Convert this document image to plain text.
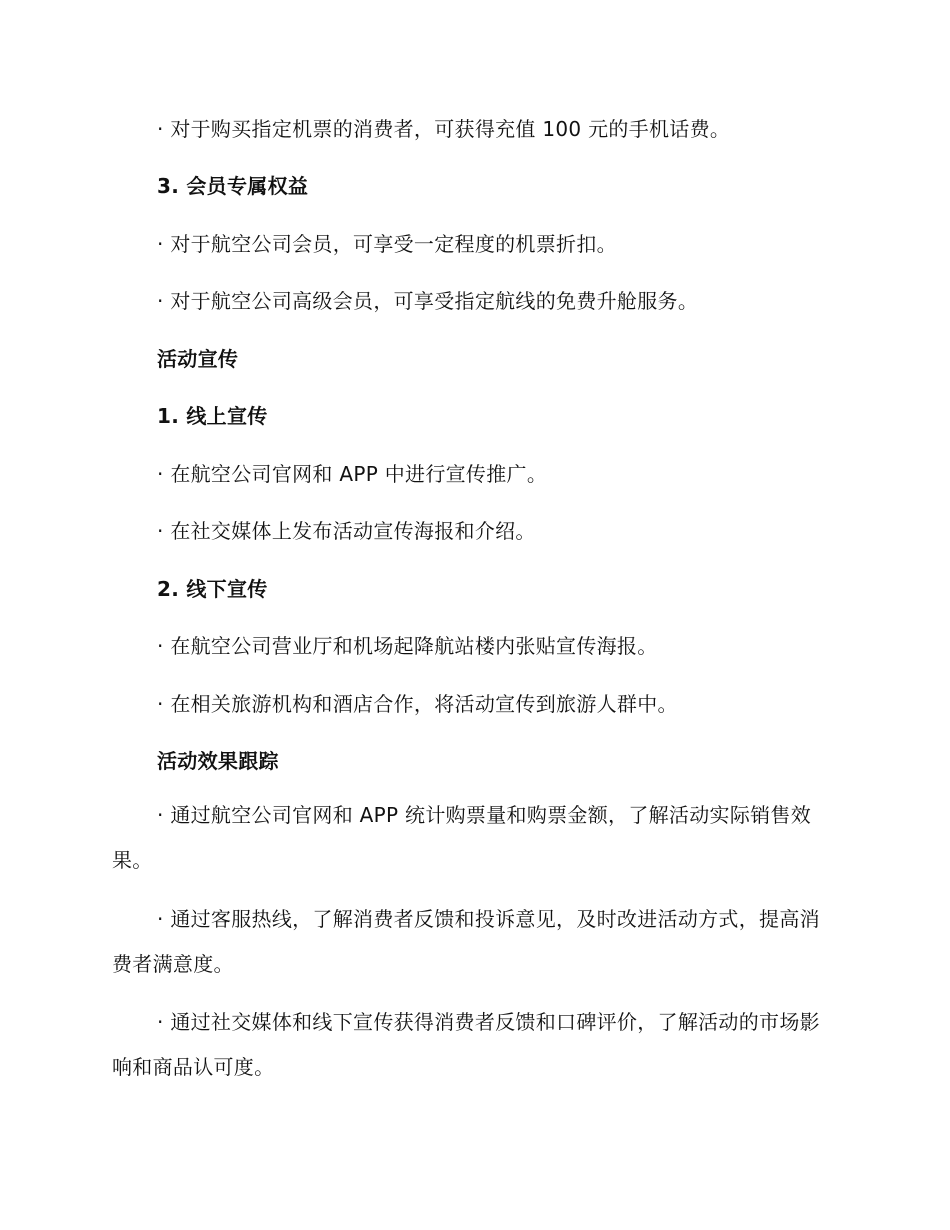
· 对于购买指定机票的消费者，可获得充值 100 元的手机话费。
3. 会员专属权益
· 对于航空公司会员，可享受一定程度的机票折扣。
· 对于航空公司高级会员，可享受指定航线的免费升舱服务。
活动宣传
1. 线上宣传
· 在航空公司官网和 APP 中进行宣传推广。
· 在社交媒体上发布活动宣传海报和介绍。
2. 线下宣传
· 在航空公司营业厅和机场起降航站楼内张贴宣传海报。
· 在相关旅游机构和酒店合作，将活动宣传到旅游人群中。
活动效果跟踪
· 通过航空公司官网和 APP 统计购票量和购票金额，了解活动实际销售效果。
· 通过客服热线，了解消费者反馈和投诉意见，及时改进活动方式，提高消费者满意度。
· 通过社交媒体和线下宣传获得消费者反馈和口碑评价，了解活动的市场影响和商品认可度。
